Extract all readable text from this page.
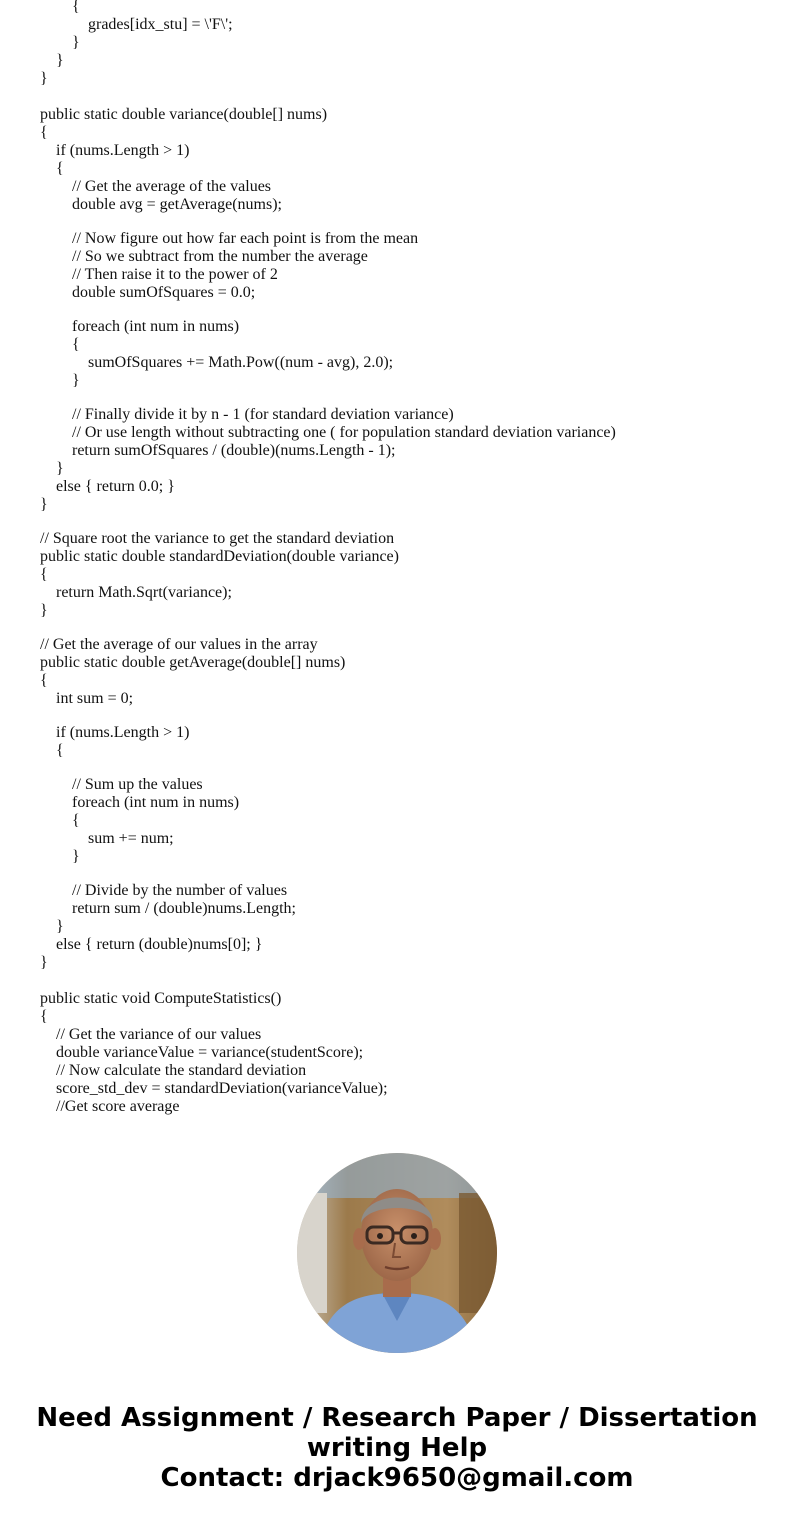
{
grades[idx_stu] = \'F\';
}
}
}
public static double variance(double[] nums)
{
if (nums.Length > 1)
{
// Get the average of the values
double avg = getAverage(nums);
// Now figure out how far each point is from the mean
// So we subtract from the number the average
// Then raise it to the power of 2
double sumOfSquares = 0.0;
foreach (int num in nums)
{
sumOfSquares += Math.Pow((num - avg), 2.0);
}
// Finally divide it by n - 1 (for standard deviation variance)
// Or use length without subtracting one ( for population standard deviation variance)
return sumOfSquares / (double)(nums.Length - 1);
}
else { return 0.0; }
}
// Square root the variance to get the standard deviation
public static double standardDeviation(double variance)
{
return Math.Sqrt(variance);
}
// Get the average of our values in the array
public static double getAverage(double[] nums)
{
int sum = 0;
if (nums.Length > 1)
{
// Sum up the values
foreach (int num in nums)
{
sum += num;
}
// Divide by the number of values
return sum / (double)nums.Length;
}
else { return (double)nums[0]; }
}
public static void ComputeStatistics()
{
// Get the variance of our values
double varianceValue = variance(studentScore);
// Now calculate the standard deviation
score_std_dev = standardDeviation(varianceValue);
//Get score average
Need Assignment / Research Paper / Dissertation
writing Help
Contact: drjack9650@gmail.com
